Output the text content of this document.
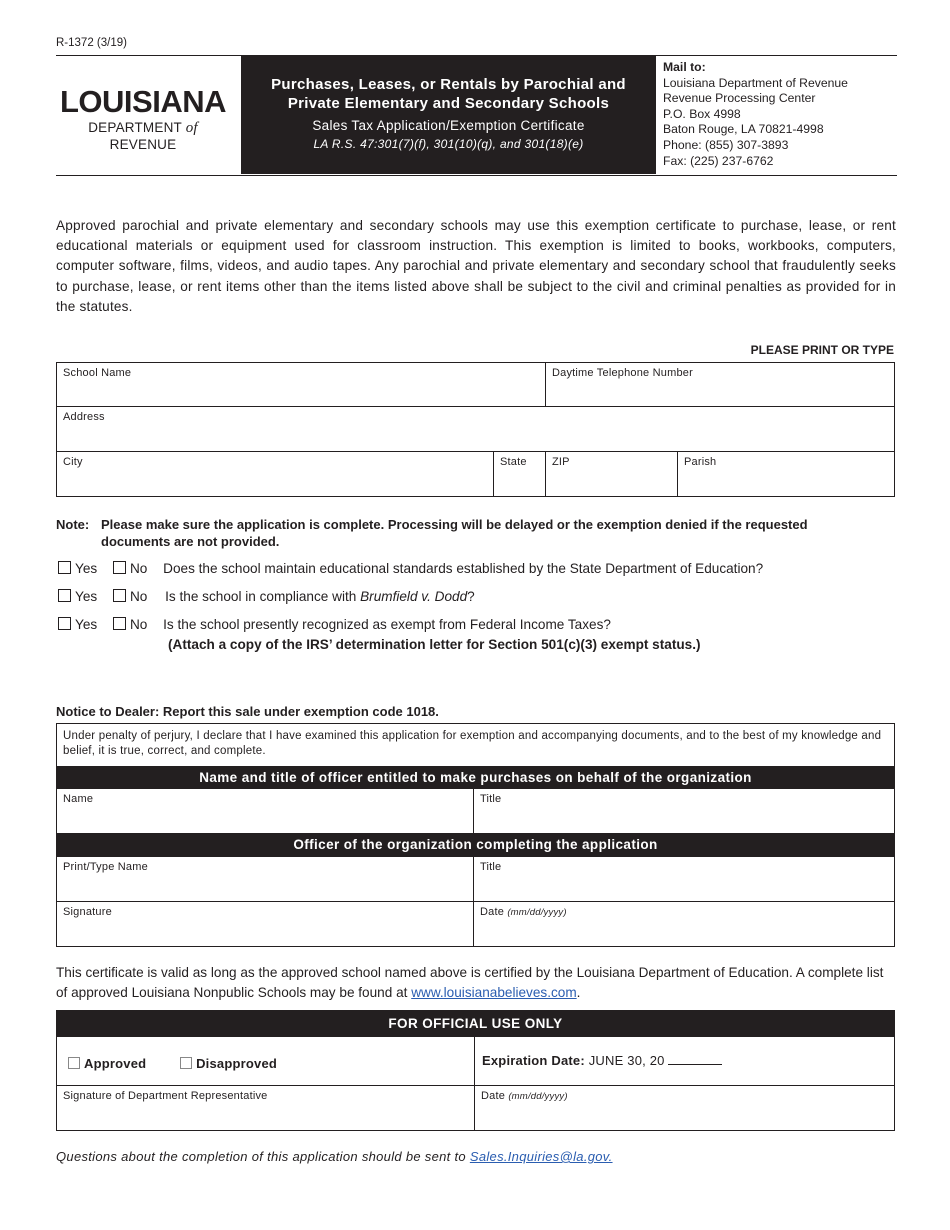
R-1372 (3/19)
LOUISIANA
DEPARTMENT of REVENUE
Purchases, Leases, or Rentals by Parochial and
Private Elementary and Secondary Schools
Sales Tax Application/Exemption Certificate
LA R.S. 47:301(7)(f), 301(10)(q), and 301(18)(e)
Mail to:
Louisiana Department of Revenue
Revenue Processing Center
P.O. Box 4998
Baton Rouge, LA 70821-4998
Phone: (855) 307-3893
Fax: (225) 237-6762
Approved parochial and private elementary and secondary schools may use this exemption certificate to purchase, lease, or rent educational materials or equipment used for classroom instruction. This exemption is limited to books, workbooks, computers, computer software, films, videos, and audio tapes. Any parochial and private elementary and secondary school that fraudulently seeks to purchase, lease, or rent items other than the items listed above shall be subject to the civil and criminal penalties as provided for in the statutes.
PLEASE PRINT OR TYPE
School Name	Daytime Telephone Number
Address
City	State	ZIP	Parish
Note: Please make sure the application is complete. Processing will be delayed or the exemption denied if the requested
documents are not provided.
Yes No Does the school maintain educational standards established by the State Department of Education?
Yes No Is the school in compliance with Brumfield v. Dodd?
Yes No Is the school presently recognized as exempt from Federal Income Taxes?
(Attach a copy of the IRS’ determination letter for Section 501(c)(3) exempt status.)
Notice to Dealer: Report this sale under exemption code 1018.
Under penalty of perjury, I declare that I have examined this application for exemption and accompanying documents, and to the best of my knowledge and belief, it is true, correct, and complete.
Name and title of officer entitled to make purchases on behalf of the organization
Name	Title
Officer of the organization completing the application
Print/Type Name	Title
Signature	Date (mm/dd/yyyy)
This certificate is valid as long as the approved school named above is certified by the Louisiana Department of Education. A complete list of approved Louisiana Nonpublic Schools may be found at www.louisianabelieves.com.
FOR OFFICIAL USE ONLY
Approved	Disapproved	Expiration Date: JUNE 30, 20
Signature of Department Representative	Date (mm/dd/yyyy)
Questions about the completion of this application should be sent to Sales.Inquiries@la.gov.
